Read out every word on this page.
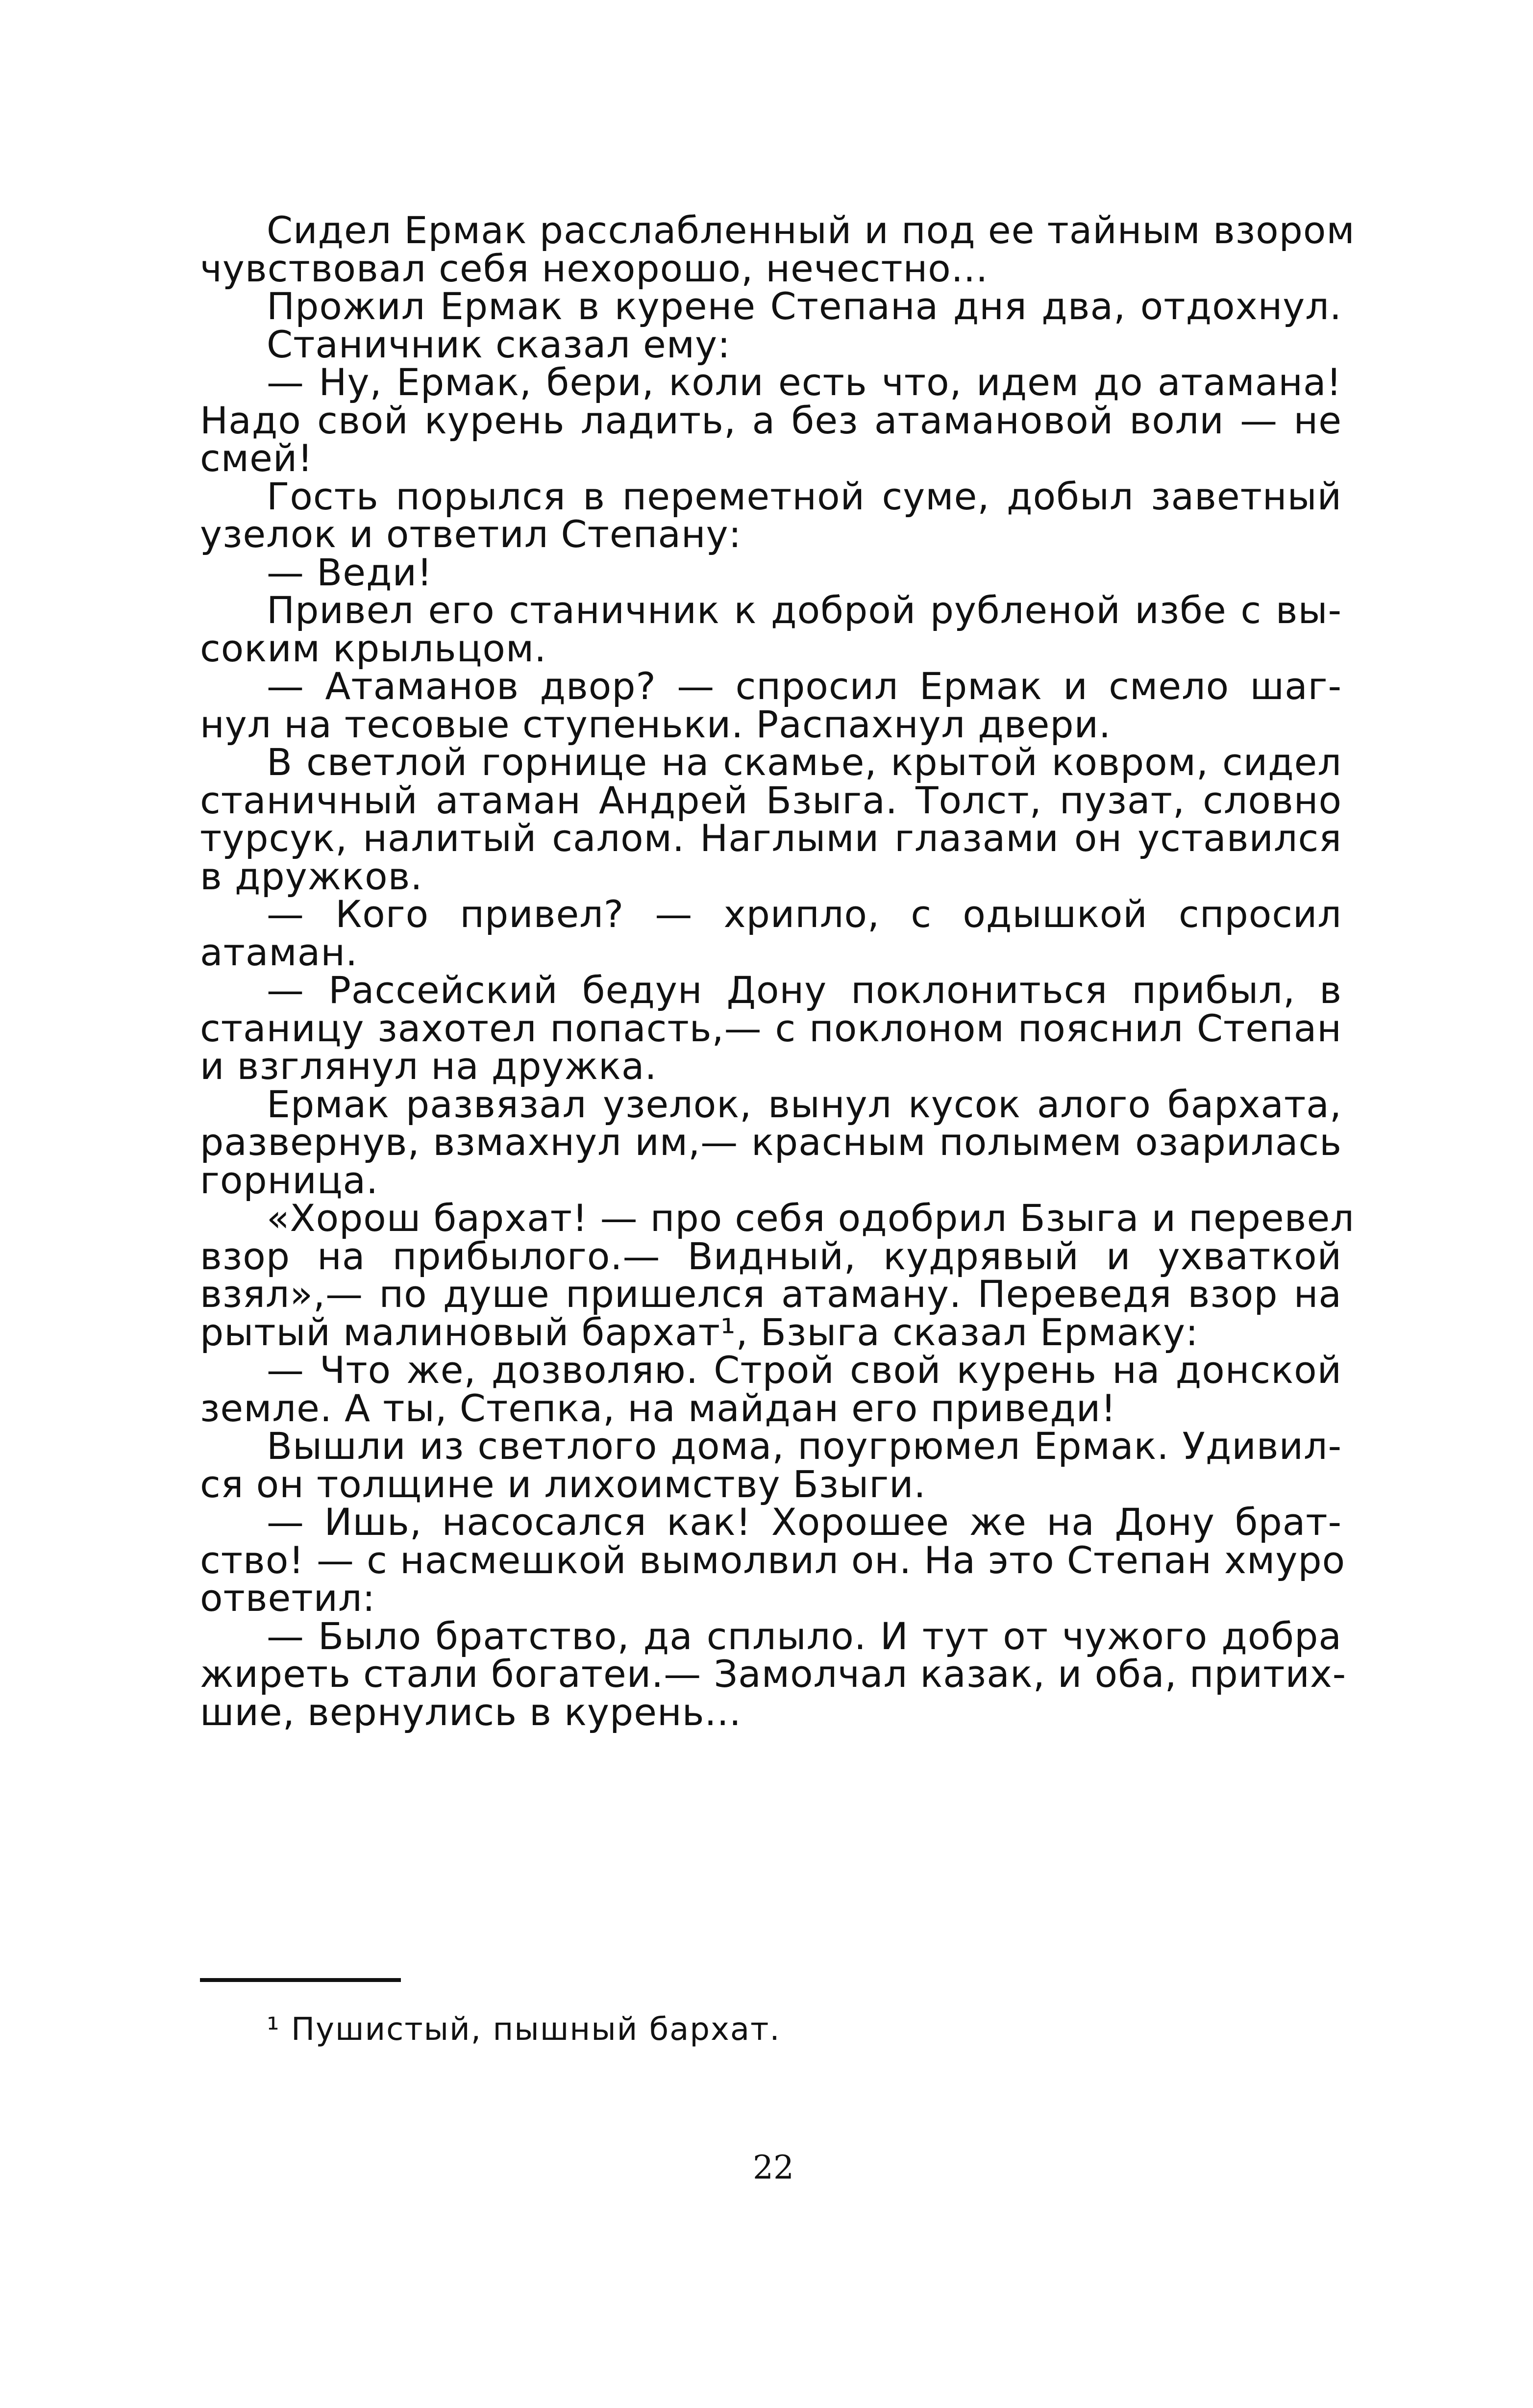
Сидел Ермак расслабленный и под ее тайным взором
чувствовал себя нехорошо, нечестно...
Прожил Ермак в курене Степана дня два, отдохнул.
Станичник сказал ему:
— Ну, Ермак, бери, коли есть что, идем до атамана!
Надо свой курень ладить, а без атамановой воли — не
смей!
Гость порылся в переметной суме, добыл заветный
узелок и ответил Степану:
— Веди!
Привел его станичник к доброй рубленой избе с вы-
соким крыльцом.
— Атаманов двор? — спросил Ермак и смело шаг-
нул на тесовые ступеньки. Распахнул двери.
В светлой горнице на скамье, крытой ковром, сидел
станичный атаман Андрей Бзыга. Толст, пузат, словно
турсук, налитый салом. Наглыми глазами он уставился
в дружков.
— Кого привел? — хрипло, с одышкой спросил
атаман.
— Рассейский бедун Дону поклониться прибыл, в
станицу захотел попасть,— с поклоном пояснил Степан
и взглянул на дружка.
Ермак развязал узелок, вынул кусок алого бархата,
развернув, взмахнул им,— красным полымем озарилась
горница.
«Хорош бархат! — про себя одобрил Бзыга и перевел
взор на прибылого.— Видный, кудрявый и ухваткой
взял»,— по душе пришелся атаману. Переведя взор на
рытый малиновый бархат¹, Бзыга сказал Ермаку:
— Что же, дозволяю. Строй свой курень на донской
земле. А ты, Степка, на майдан его приведи!
Вышли из светлого дома, поугрюмел Ермак. Удивил-
ся он толщине и лихоимству Бзыги.
— Ишь, насосался как! Хорошее же на Дону брат-
ство! — с насмешкой вымолвил он. На это Степан хмуро
ответил:
— Было братство, да сплыло. И тут от чужого добра
жиреть стали богатеи.— Замолчал казак, и оба, притих-
шие, вернулись в курень...
¹ Пушистый, пышный бархат.
22
